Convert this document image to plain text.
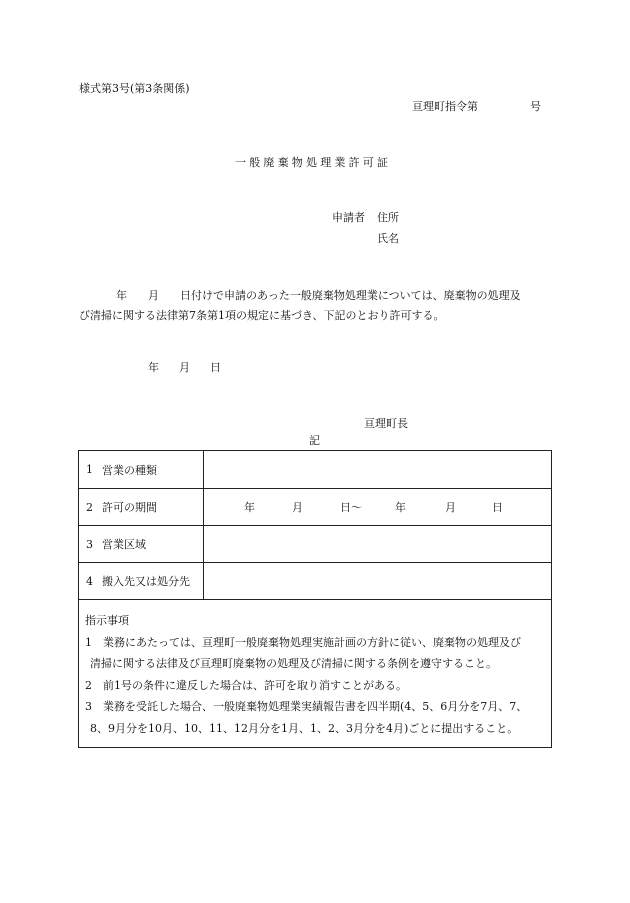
様式第3号(第3条関係)
亘理町指令第	号
一般廃棄物処理業許可証
申請者 住所
氏名
年 月 日付けで申請のあった一般廃棄物処理業については、廃棄物の処理及
び清掃に関する法律第7条第1項の規定に基づき、下記のとおり許可する。
年 月 日
亘理町長
記
1 営業の種類
2 許可の期間	年	月	日〜	年	月	日
3 営業区域
4 搬入先又は処分先
指示事項
1　業務にあたっては、亘理町一般廃棄物処理実施計画の方針に従い、廃棄物の処理及び
清掃に関する法律及び亘理町廃棄物の処理及び清掃に関する条例を遵守すること。
2　前1号の条件に違反した場合は、許可を取り消すことがある。
3　業務を受託した場合、一般廃棄物処理業実績報告書を四半期(4、5、6月分を7月、7、
8、9月分を10月、10、11、12月分を1月、1、2、3月分を4月)ごとに提出すること。
